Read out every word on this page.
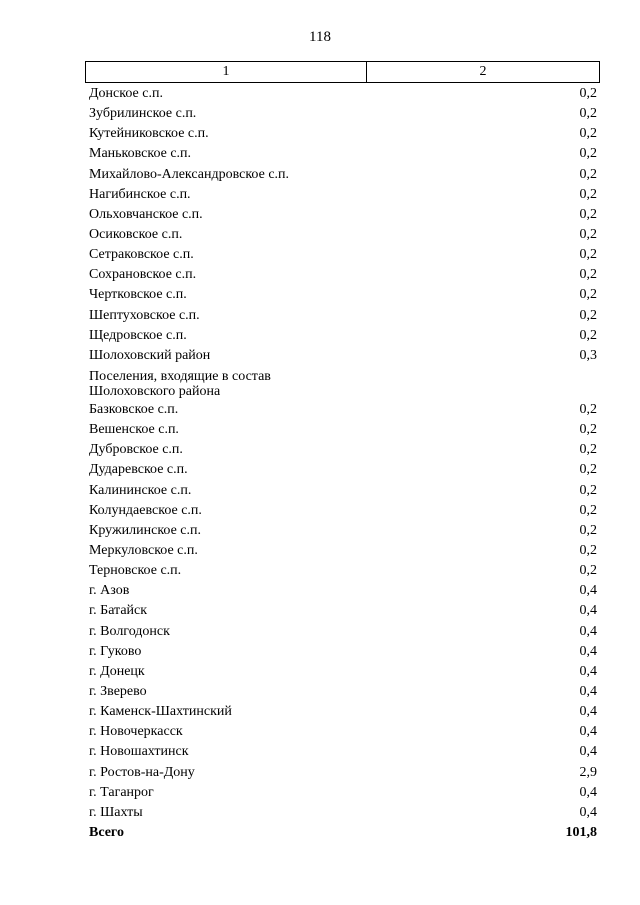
118
1	2
Донское с.п.	0,2
Зубрилинское с.п.	0,2
Кутейниковское с.п.	0,2
Маньковское с.п.	0,2
Михайлово-Александровское с.п.	0,2
Нагибинское с.п.	0,2
Ольховчанское с.п.	0,2
Осиковское с.п.	0,2
Сетраковское с.п.	0,2
Сохрановское с.п.	0,2
Чертковское с.п.	0,2
Шептуховское с.п.	0,2
Щедровское с.п.	0,2
Шолоховский район	0,3
Поселения, входящие в состав
Шолоховского района
Базковское с.п.	0,2
Вешенское с.п.	0,2
Дубровское с.п.	0,2
Дударевское с.п.	0,2
Калининское с.п.	0,2
Колундаевское с.п.	0,2
Кружилинское с.п.	0,2
Меркуловское с.п.	0,2
Терновское с.п.	0,2
г. Азов	0,4
г. Батайск	0,4
г. Волгодонск	0,4
г. Гуково	0,4
г. Донецк	0,4
г. Зверево	0,4
г. Каменск-Шахтинский	0,4
г. Новочеркасск	0,4
г. Новошахтинск	0,4
г. Ростов-на-Дону	2,9
г. Таганрог	0,4
г. Шахты	0,4
Всего	101,8
